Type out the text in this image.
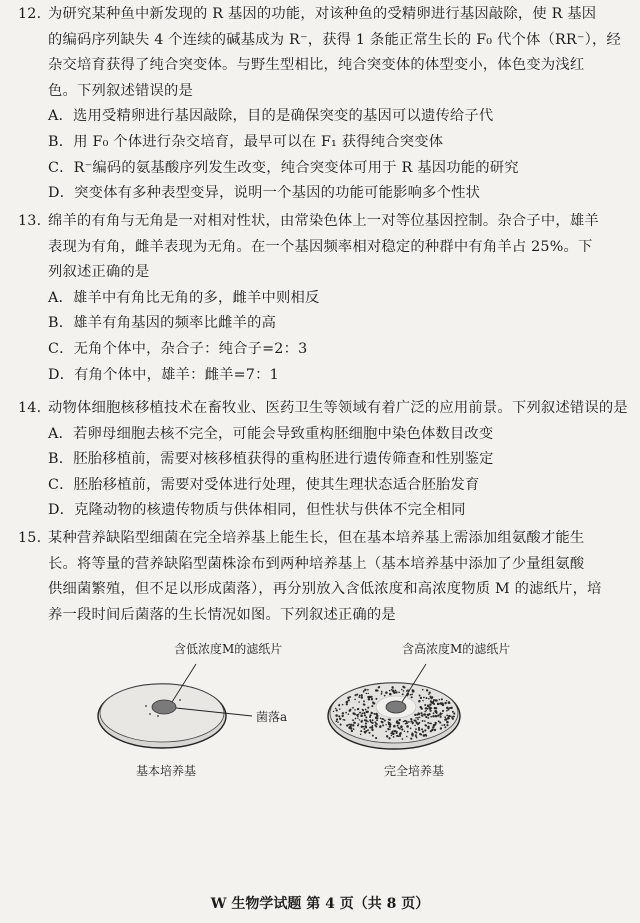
12. 为研究某种鱼中新发现的 R 基因的功能，对该种鱼的受精卵进行基因敲除，使 R 基因
的编码序列缺失 4 个连续的碱基成为 R⁻，获得 1 条能正常生长的 F₀ 代个体（RR⁻），经
杂交培育获得了纯合突变体。与野生型相比，纯合突变体的体型变小，体色变为浅红
色。下列叙述错误的是
A．选用受精卵进行基因敲除，目的是确保突变的基因可以遗传给子代
B．用 F₀ 个体进行杂交培育，最早可以在 F₁ 获得纯合突变体
C．R⁻编码的氨基酸序列发生改变，纯合突变体可用于 R 基因功能的研究
D．突变体有多种表型变异，说明一个基因的功能可能影响多个性状
13. 绵羊的有角与无角是一对相对性状，由常染色体上一对等位基因控制。杂合子中，雄羊
表现为有角，雌羊表现为无角。在一个基因频率相对稳定的种群中有角羊占 25%。下
列叙述正确的是
A．雄羊中有角比无角的多，雌羊中则相反
B．雄羊有角基因的频率比雌羊的高
C．无角个体中，杂合子：纯合子=2：3
D．有角个体中，雄羊：雌羊=7：1
14. 动物体细胞核移植技术在畜牧业、医药卫生等领域有着广泛的应用前景。下列叙述错误的是
A．若卵母细胞去核不完全，可能会导致重构胚细胞中染色体数目改变
B．胚胎移植前，需要对核移植获得的重构胚进行遗传筛查和性别鉴定
C．胚胎移植前，需要对受体进行处理，使其生理状态适合胚胎发育
D．克隆动物的核遗传物质与供体相同，但性状与供体不完全相同
15. 某种营养缺陷型细菌在完全培养基上能生长，但在基本培养基上需添加组氨酸才能生
长。将等量的营养缺陷型菌株涂布到两种培养基上（基本培养基中添加了少量组氨酸
供细菌繁殖，但不足以形成菌落），再分别放入含低浓度和高浓度物质 M 的滤纸片，培
养一段时间后菌落的生长情况如图。下列叙述正确的是
含低浓度M的滤纸片	含高浓度M的滤纸片
菌落a
基本培养基	完全培养基
W 生物学试题 第 4 页（共 8 页）
